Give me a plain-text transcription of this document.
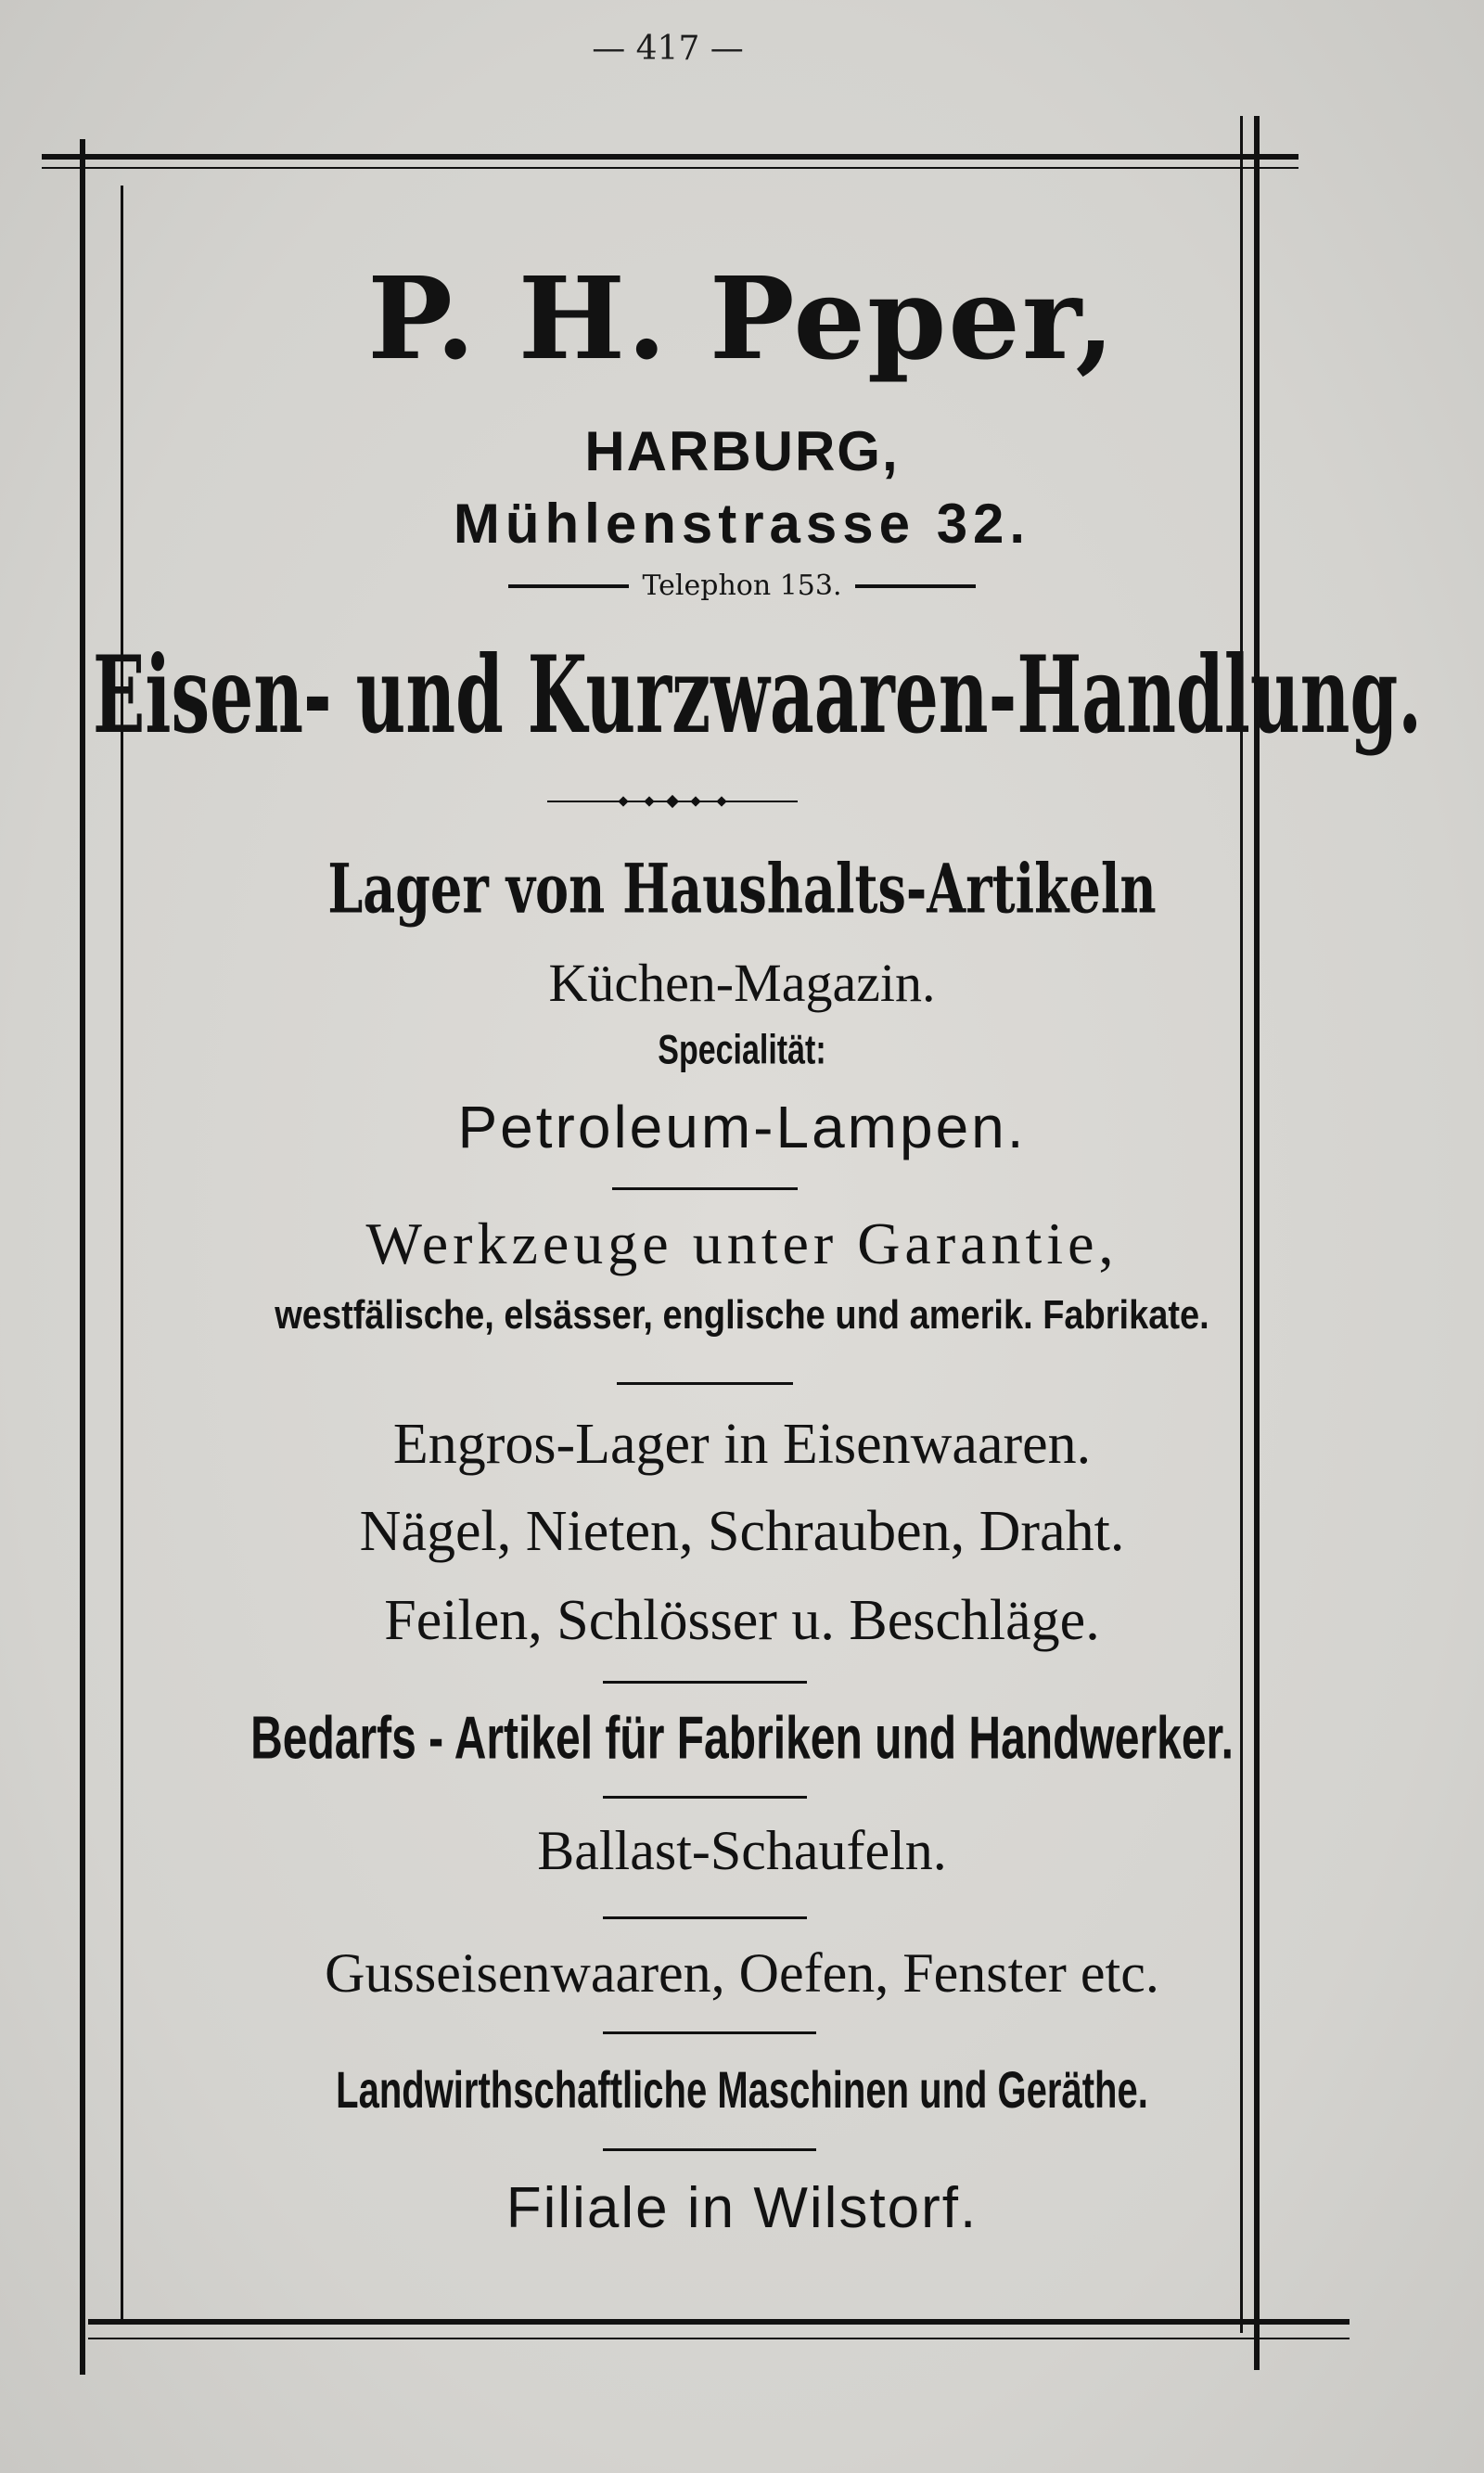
— 417 —
P. H. Peper,
HARBURG,
Mühlenstrasse 32.
Telephon 153.
Eisen- und Kurzwaaren-Handlung.
Lager von Haushalts-Artikeln
Küchen-Magazin.
Specialität:
Petroleum-Lampen.
Werkzeuge unter Garantie,
westfälische, elsässer, englische und amerik. Fabrikate.
Engros-Lager in Eisenwaaren.
Nägel, Nieten, Schrauben, Draht.
Feilen, Schlösser u. Beschläge.
Bedarfs - Artikel für Fabriken und Handwerker.
Ballast-Schaufeln.
Gusseisenwaaren, Oefen, Fenster etc.
Landwirthschaftliche Maschinen und Geräthe.
Filiale in Wilstorf.
